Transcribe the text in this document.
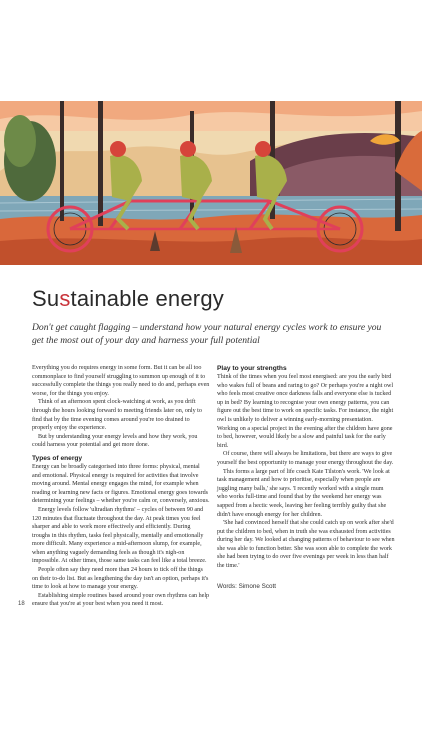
Sustainable energy

Don't get caught flagging – understand how your natural energy cycles work to ensure you get the most out of your day and harness your full potential

Everything you do requires energy in some form. But it can be all too commonplace to find yourself struggling to summon up enough of it to successfully complete the things you really need to do and, perhaps even worse, for the things you enjoy.

Think of an afternoon spent clock-watching at work, as you drift through the hours looking forward to meeting friends later on, only to find that by the time evening comes around you're too drained to properly enjoy the experience.

But by understanding your energy levels and how they work, you could harness your potential and get more done.

Types of energy

Energy can be broadly categorised into three forms: physical, mental and emotional. Physical energy is required for activities that involve moving around. Mental energy engages the mind, for example when reading or learning new facts or figures. Emotional energy goes towards determining your feelings – whether you're calm or, conversely, anxious.

Energy levels follow 'ultradian rhythms' – cycles of between 90 and 120 minutes that fluctuate throughout the day. At peak times you feel sharper and able to work more effectively and efficiently. During troughs in this rhythm, tasks feel physically, mentally and emotionally more difficult. Many experience a mid-afternoon slump, for example, when anything vaguely demanding feels as though it's nigh-on impossible. At other times, those same tasks can feel like a total breeze.

People often say they need more than 24 hours to tick off the things on their to-do list. But as lengthening the day isn't an option, perhaps it's time to look at how to manage your energy.

Establishing simple routines based around your own rhythms can help ensure that you're at your best when you need it most.

Play to your strengths

Think of the times when you feel most energised: are you the early bird who wakes full of beans and raring to go? Or perhaps you're a night owl who feels most creative once darkness falls and everyone else is tucked up in bed? By learning to recognise your own energy patterns, you can figure out the best time to work on specific tasks. For instance, the night owl is unlikely to deliver a winning early-morning presentation. Working on a special project in the evening after the children have gone to bed, however, would likely be a slow and painful task for the early bird.

Of course, there will always be limitations, but there are ways to give yourself the best opportunity to manage your energy throughout the day.

This forms a large part of life coach Kate Tilston's work. 'We look at task management and how to prioritise, especially when people are juggling many balls,' she says. 'I recently worked with a single mum who works full-time and found that by the weekend her energy was sapped from a hectic week, leaving her feeling terribly guilty that she didn't have enough energy for her children.

'She had convinced herself that she could catch up on work after she'd put the children to bed, when in truth she was exhausted from activities during her day. We looked at changing patterns of behaviour to see when she was able to function better. She was soon able to complete the work she had been trying to do over five evenings per week in less than half the time.'

Words: Simone Scott
18
